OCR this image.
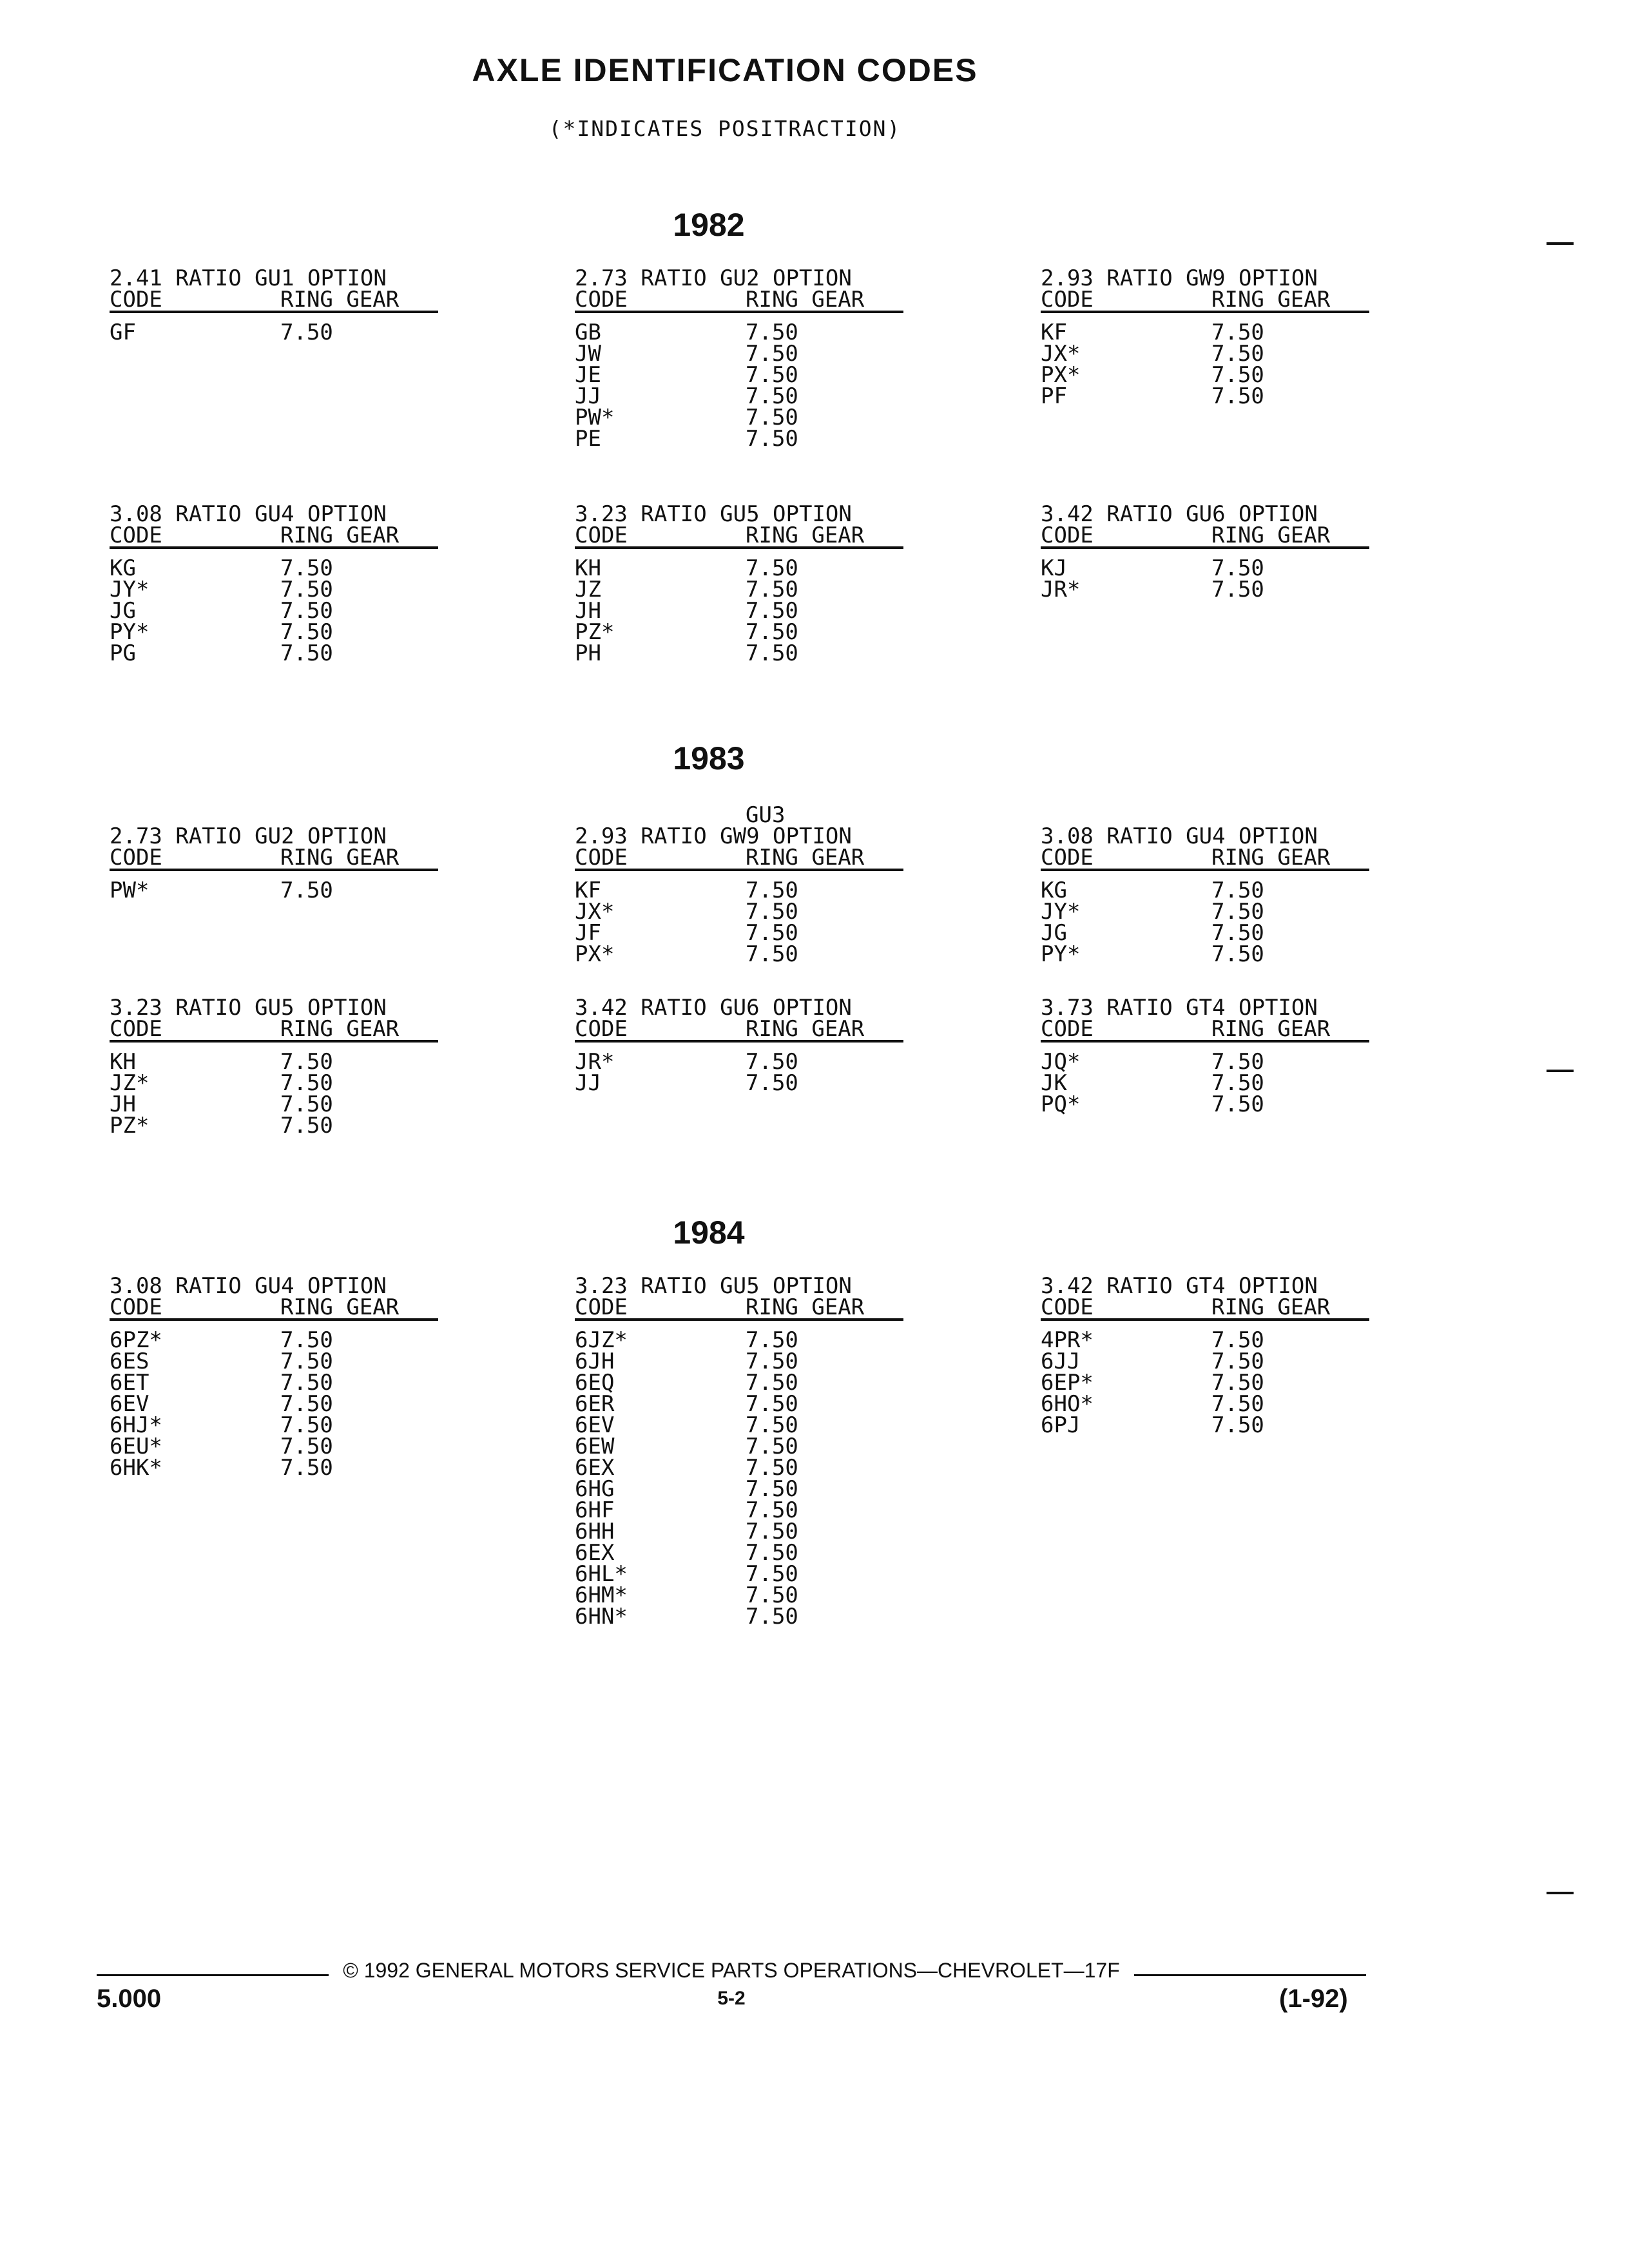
AXLE IDENTIFICATION CODES
(*INDICATES POSITRACTION)
1982
2.41 RATIO GU1 OPTION
CODE	RING GEAR
GF	7.50
2.73 RATIO GU2 OPTION
CODE	RING GEAR
GB	7.50
JW	7.50
JE	7.50
JJ	7.50
PW*	7.50
PE	7.50
2.93 RATIO GW9 OPTION
CODE	RING GEAR
KF	7.50
JX*	7.50
PX*	7.50
PF	7.50
3.08 RATIO GU4 OPTION
CODE	RING GEAR
KG	7.50
JY*	7.50
JG	7.50
PY*	7.50
PG	7.50
3.23 RATIO GU5 OPTION
CODE	RING GEAR
KH	7.50
JZ	7.50
JH	7.50
PZ*	7.50
PH	7.50
3.42 RATIO GU6 OPTION
CODE	RING GEAR
KJ	7.50
JR*	7.50
1983
2.73 RATIO GU2 OPTION
CODE	RING GEAR
PW*	7.50
GU3
2.93 RATIO GW9 OPTION
CODE	RING GEAR
KF	7.50
JX*	7.50
JF	7.50
PX*	7.50
3.08 RATIO GU4 OPTION
CODE	RING GEAR
KG	7.50
JY*	7.50
JG	7.50
PY*	7.50
3.23 RATIO GU5 OPTION
CODE	RING GEAR
KH	7.50
JZ*	7.50
JH	7.50
PZ*	7.50
3.42 RATIO GU6 OPTION
CODE	RING GEAR
JR*	7.50
JJ	7.50
3.73 RATIO GT4 OPTION
CODE	RING GEAR
JQ*	7.50
JK	7.50
PQ*	7.50
1984
3.08 RATIO GU4 OPTION
CODE	RING GEAR
6PZ*	7.50
6ES	7.50
6ET	7.50
6EV	7.50
6HJ*	7.50
6EU*	7.50
6HK*	7.50
3.23 RATIO GU5 OPTION
CODE	RING GEAR
6JZ*	7.50
6JH	7.50
6EQ	7.50
6ER	7.50
6EV	7.50
6EW	7.50
6EX	7.50
6HG	7.50
6HF	7.50
6HH	7.50
6EX	7.50
6HL*	7.50
6HM*	7.50
6HN*	7.50
3.42 RATIO GT4 OPTION
CODE	RING GEAR
4PR*	7.50
6JJ	7.50
6EP*	7.50
6HO*	7.50
6PJ	7.50
© 1992 GENERAL MOTORS SERVICE PARTS OPERATIONS—CHEVROLET—17F
5.000	5-2	(1-92)
